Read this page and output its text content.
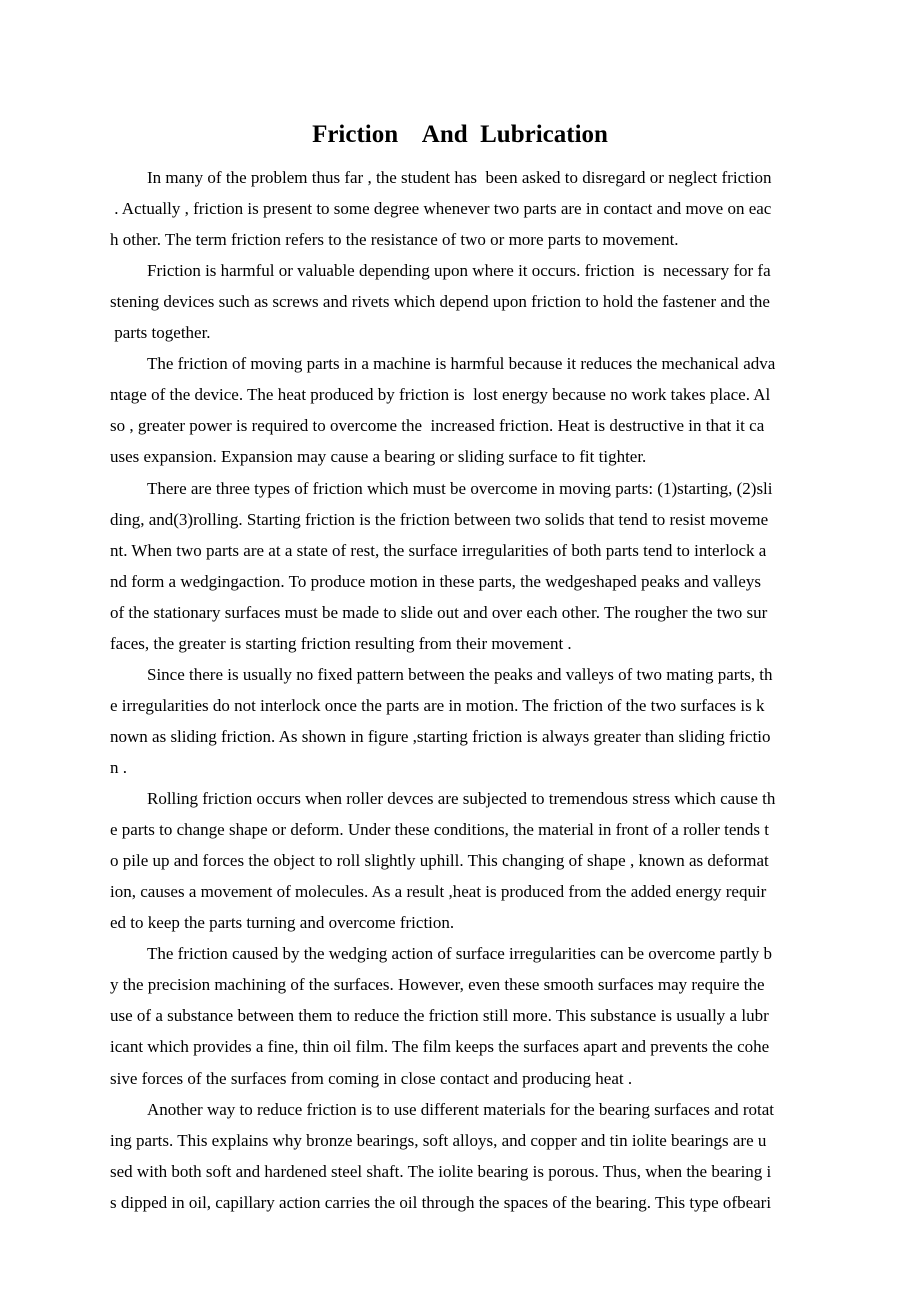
Friction    And  Lubrication

In many of the problem thus far , the student has  been asked to disregard or neglect friction

. Actually , friction is present to some degree whenever two parts are in contact and move on eac

h other. The term friction refers to the resistance of two or more parts to movement.

Friction is harmful or valuable depending upon where it occurs. friction  is  necessary for fa

stening devices such as screws and rivets which depend upon friction to hold the fastener and the

parts together.

The friction of moving parts in a machine is harmful because it reduces the mechanical adva

ntage of the device. The heat produced by friction is  lost energy because no work takes place. Al

so , greater power is required to overcome the  increased friction. Heat is destructive in that it ca

uses expansion. Expansion may cause a bearing or sliding surface to fit tighter.

There are three types of friction which must be overcome in moving parts: (1)starting, (2)sli

ding, and(3)rolling. Starting friction is the friction between two solids that tend to resist moveme

nt. When two parts are at a state of rest, the surface irregularities of both parts tend to interlock a

nd form a wedgingaction. To produce motion in these parts, the wedgeshaped peaks and valleys

of the stationary surfaces must be made to slide out and over each other. The rougher the two sur

faces, the greater is starting friction resulting from their movement .

Since there is usually no fixed pattern between the peaks and valleys of two mating parts, th

e irregularities do not interlock once the parts are in motion. The friction of the two surfaces is k

nown as sliding friction. As shown in figure ,starting friction is always greater than sliding frictio

n .

Rolling friction occurs when roller devces are subjected to tremendous stress which cause th

e parts to change shape or deform. Under these conditions, the material in front of a roller tends t

o pile up and forces the object to roll slightly uphill. This changing of shape , known as deformat

ion, causes a movement of molecules. As a result ,heat is produced from the added energy requir

ed to keep the parts turning and overcome friction.

The friction caused by the wedging action of surface irregularities can be overcome partly b

y the precision machining of the surfaces. However, even these smooth surfaces may require the

use of a substance between them to reduce the friction still more. This substance is usually a lubr

icant which provides a fine, thin oil film. The film keeps the surfaces apart and prevents the cohe

sive forces of the surfaces from coming in close contact and producing heat .

Another way to reduce friction is to use different materials for the bearing surfaces and rotat

ing parts. This explains why bronze bearings, soft alloys, and copper and tin iolite bearings are u

sed with both soft and hardened steel shaft. The iolite bearing is porous. Thus, when the bearing i

s dipped in oil, capillary action carries the oil through the spaces of the bearing. This type ofbeari
